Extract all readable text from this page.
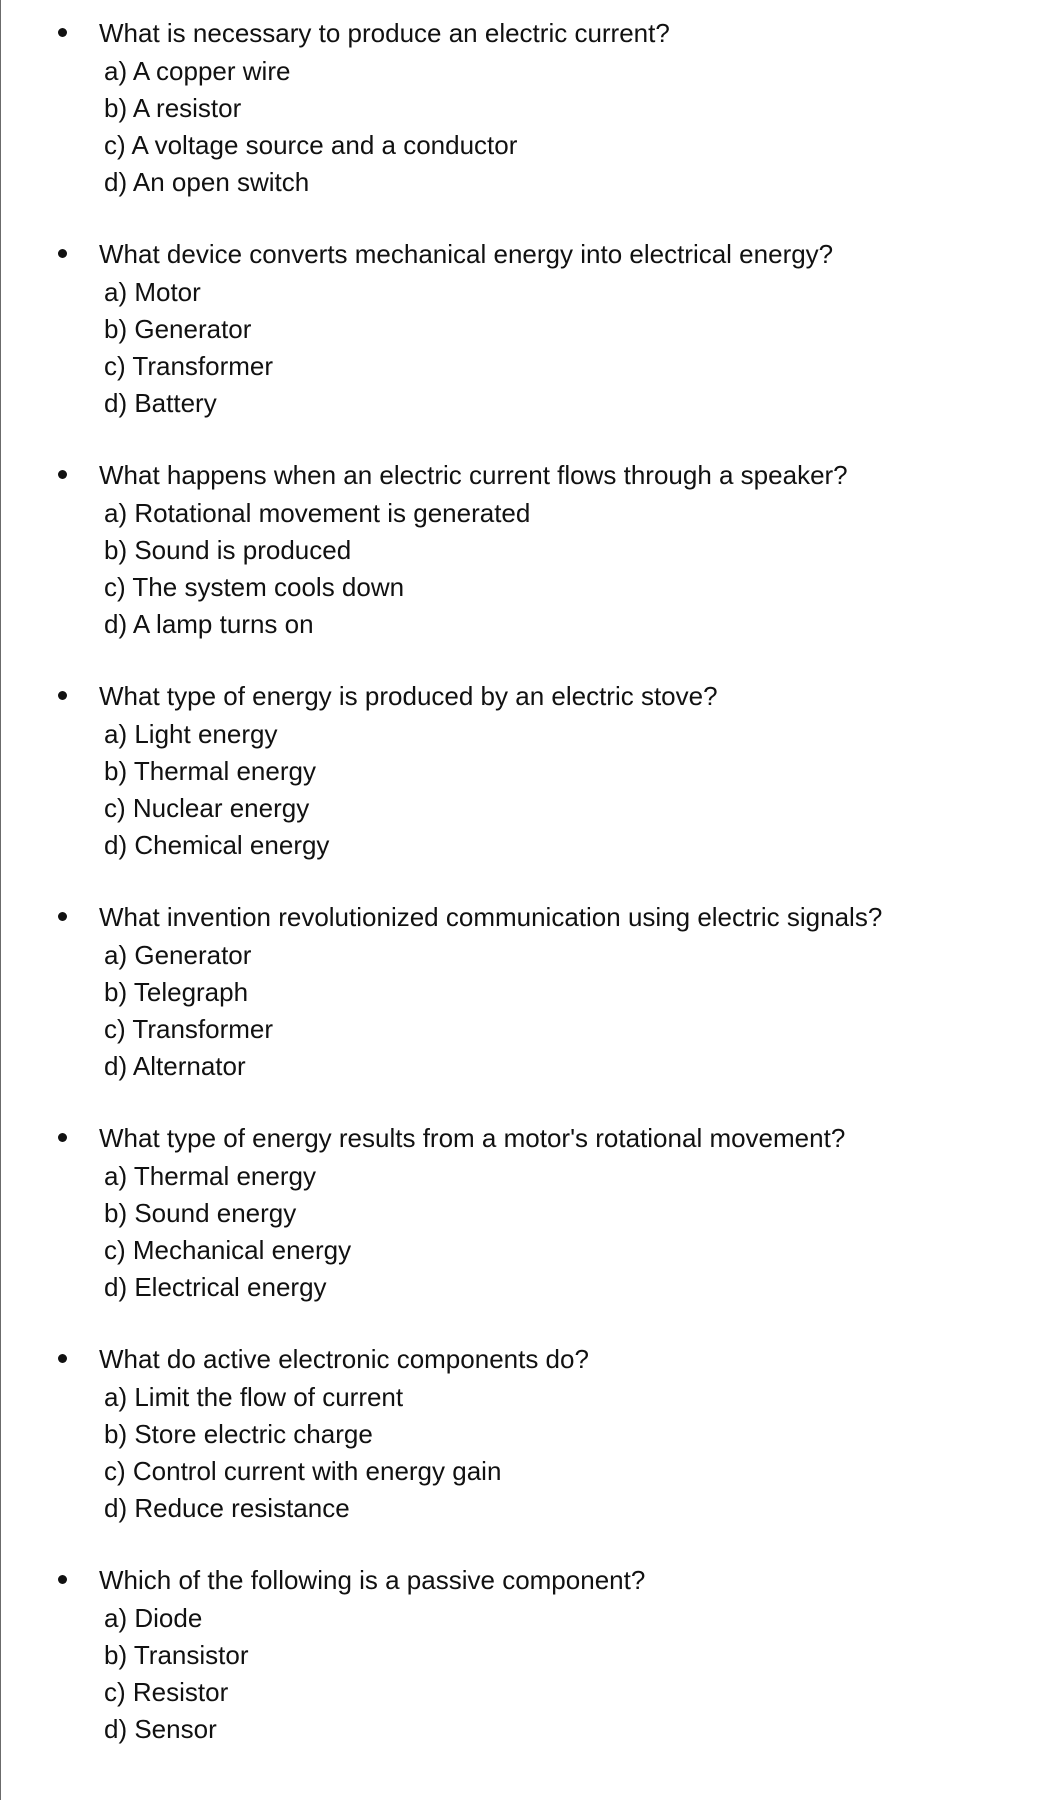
What is necessary to produce an electric current?
a) A copper wire
b) A resistor
c) A voltage source and a conductor
d) An open switch
What device converts mechanical energy into electrical energy?
a) Motor
b) Generator
c) Transformer
d) Battery
What happens when an electric current flows through a speaker?
a) Rotational movement is generated
b) Sound is produced
c) The system cools down
d) A lamp turns on
What type of energy is produced by an electric stove?
a) Light energy
b) Thermal energy
c) Nuclear energy
d) Chemical energy
What invention revolutionized communication using electric signals?
a) Generator
b) Telegraph
c) Transformer
d) Alternator
What type of energy results from a motor's rotational movement?
a) Thermal energy
b) Sound energy
c) Mechanical energy
d) Electrical energy
What do active electronic components do?
a) Limit the flow of current
b) Store electric charge
c) Control current with energy gain
d) Reduce resistance
Which of the following is a passive component?
a) Diode
b) Transistor
c) Resistor
d) Sensor
